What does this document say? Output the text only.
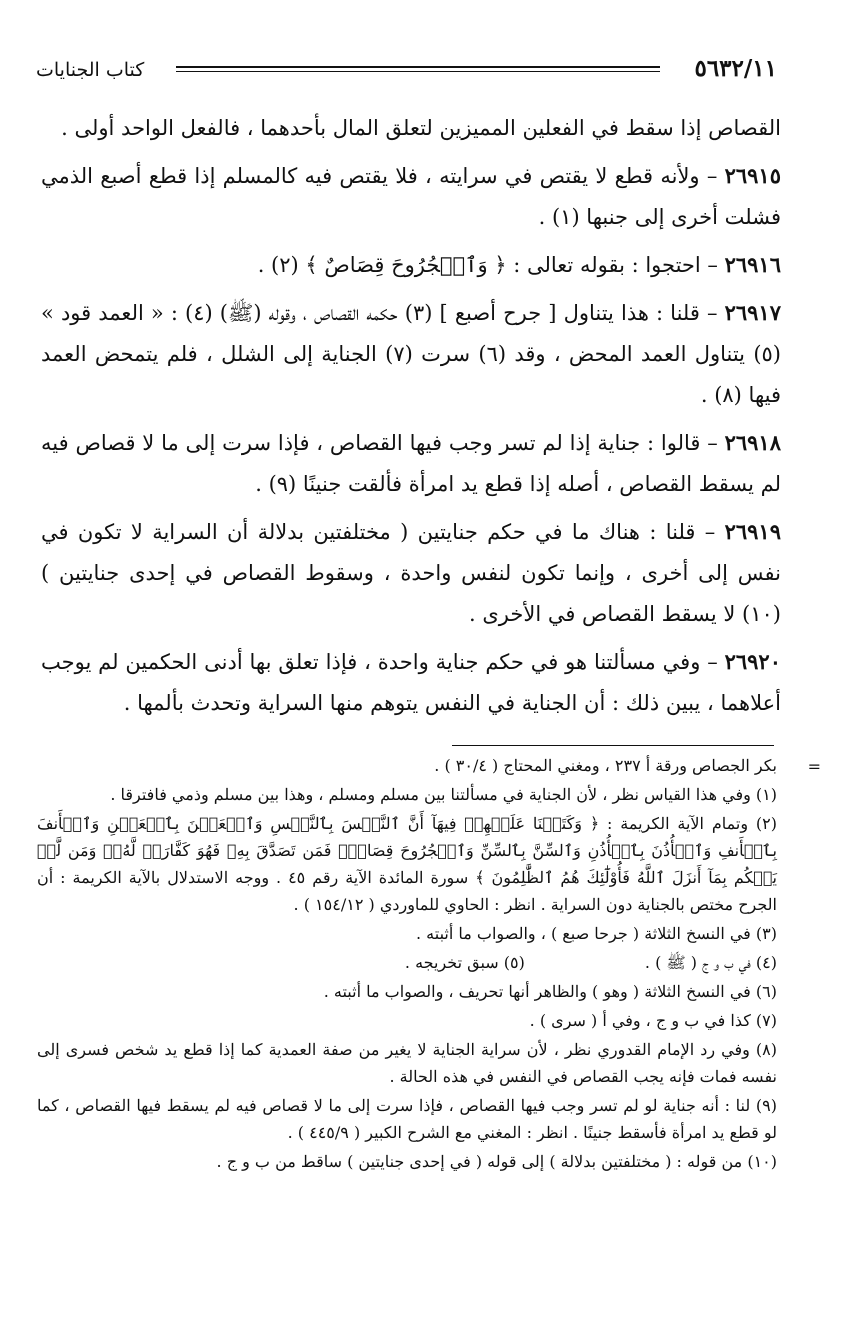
٥٦٣٢/١١
كتاب الجنايات

القصاص إذا سقط في الفعلين المميزين لتعلق المال بأحدهما ، فالفعل الواحد أولى .

٢٦٩١٥ – ولأنه قطع لا يقتص في سرايته ، فلا يقتص فيه كالمسلم إذا قطع أصبع الذمي فشلت أخرى إلى جنبها (١) .

٢٦٩١٦ – احتجوا : بقوله تعالى : ﴿ وَٱلۡجُرُوحَ قِصَاصٌ ﴾ (٢) .

٢٦٩١٧ – قلنا : هذا يتناول [ جرح أصبع ] (٣) حكمه القصاص ، وقوله (ﷺ) (٤) : « العمد قود » (٥) يتناول العمد المحض ، وقد (٦) سرت (٧) الجناية إلى الشلل ، فلم يتمحض العمد فيها (٨) .

٢٦٩١٨ – قالوا : جناية إذا لم تسر وجب فيها القصاص ، فإذا سرت إلى ما لا قصاص فيه لم يسقط القصاص ، أصله إذا قطع يد امرأة فألقت جنينًا (٩) .

٢٦٩١٩ – قلنا : هناك ما في حكم جنايتين ( مختلفتين بدلالة أن السراية لا تكون في نفس إلى أخرى ، وإنما تكون لنفس واحدة ، وسقوط القصاص في إحدى جنايتين ) (١٠) لا يسقط القصاص في الأخرى .

٢٦٩٢٠ – وفي مسألتنا هو في حكم جناية واحدة ، فإذا تعلق بها أدنى الحكمين لم يوجب أعلاهما ، يبين ذلك : أن الجناية في النفس يتوهم منها السراية وتحدث بألمها .

=

بكر الجصاص ورقة أ ٢٣٧ ، ومغني المحتاج ( ٣٠/٤ ) .

(١) وفي هذا القياس نظر ، لأن الجناية في مسألتنا بين مسلم ومسلم ، وهذا بين مسلم وذمي فافترقا .

(٢) وتمام الآية الكريمة : ﴿ وَكَتَبۡنَا عَلَيۡهِمۡ فِيهَآ أَنَّ ٱلنَّفۡسَ بِٱلنَّفۡسِ وَٱلۡعَيۡنَ بِٱلۡعَيۡنِ وَٱلۡأَنفَ بِٱلۡأَنفِ وَٱلۡأُذُنَ بِٱلۡأُذُنِ وَٱلسِّنَّ بِٱلسِّنِّ وَٱلۡجُرُوحَ قِصَاصٌۚ فَمَن تَصَدَّقَ بِهِۦ فَهُوَ كَفَّارَةٞ لَّهُۥۚ وَمَن لَّمۡ يَحۡكُم بِمَآ أَنزَلَ ٱللَّهُ فَأُوْلَٰٓئِكَ هُمُ ٱلظَّٰلِمُونَ ﴾ سورة المائدة الآية رقم ٤٥ . ووجه الاستدلال بالآية الكريمة : أن الجرح مختص بالجناية دون السراية . انظر : الحاوي للماوردي ( ١٥٤/١٢ ) .

(٣) في النسخ الثلاثة ( جرحا صبع ) ، والصواب ما أثبته .

(٤) في ب و ج ( ﷺ ) .

(٥) سبق تخريجه .

(٦) في النسخ الثلاثة ( وهو ) والظاهر أنها تحريف ، والصواب ما أثبته .

(٧) كذا في ب و ج ، وفي أ ( سرى ) .

(٨) وفي رد الإمام القدوري نظر ، لأن سراية الجناية لا يغير من صفة العمدية كما إذا قطع يد شخص فسرى إلى نفسه فمات فإنه يجب القصاص في النفس في هذه الحالة .

(٩) لنا : أنه جناية لو لم تسر وجب فيها القصاص ، فإذا سرت إلى ما لا قصاص فيه لم يسقط فيها القصاص ، كما لو قطع يد امرأة فأسقط جنينًا . انظر : المغني مع الشرح الكبير ( ٤٤٥/٩ ) .

(١٠) من قوله : ( مختلفتين بدلالة ) إلى قوله ( في إحدى جنايتين ) ساقط من ب و ج .
